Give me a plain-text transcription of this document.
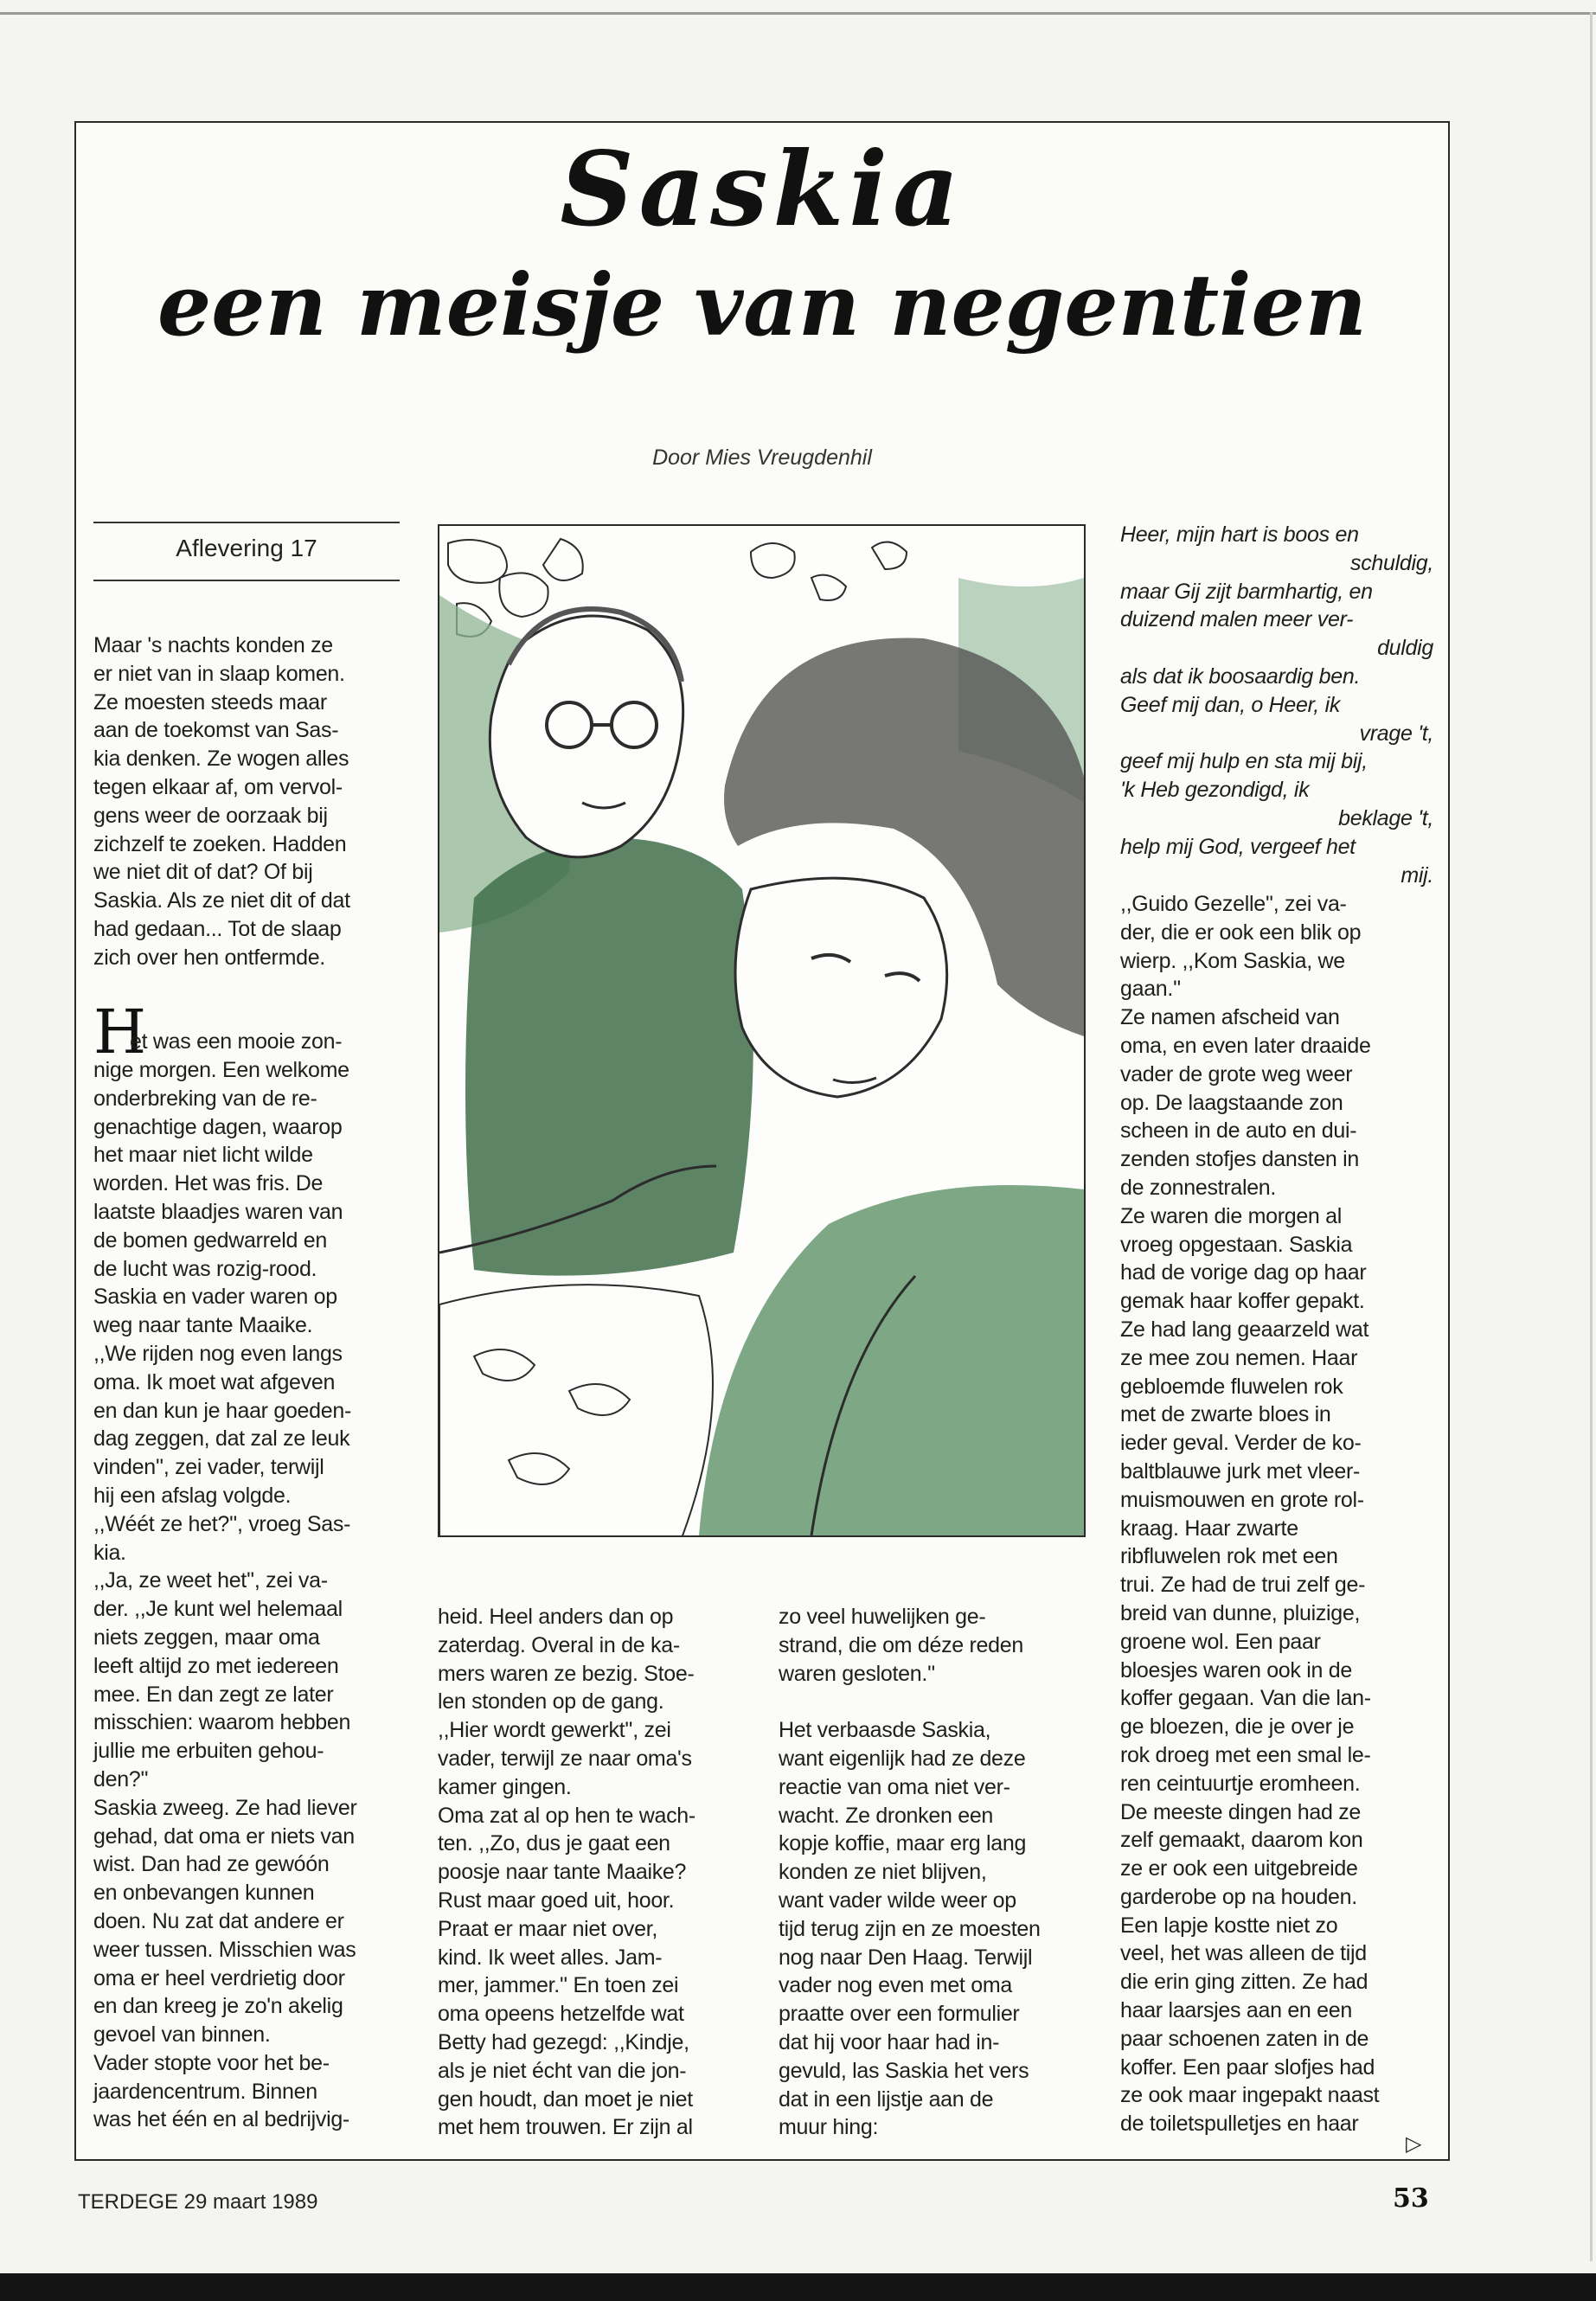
Saskia
een meisje van negentien
Door Mies Vreugdenhil
Aflevering 17
Maar 's nachts konden ze
er niet van in slaap komen.
Ze moesten steeds maar
aan de toekomst van Sas-
kia denken. Ze wogen alles
tegen elkaar af, om vervol-
gens weer de oorzaak bij
zichzelf te zoeken. Hadden
we niet dit of dat? Of bij
Saskia. Als ze niet dit of dat
had gedaan... Tot de slaap
zich over hen ontfermde.
H
et was een mooie zon-
nige morgen. Een welkome
onderbreking van de re-
genachtige dagen, waarop
het maar niet licht wilde
worden. Het was fris. De
laatste blaadjes waren van
de bomen gedwarreld en
de lucht was rozig-rood.
Saskia en vader waren op
weg naar tante Maaike.
,,We rijden nog even langs
oma. Ik moet wat afgeven
en dan kun je haar goeden-
dag zeggen, dat zal ze leuk
vinden'', zei vader, terwijl
hij een afslag volgde.
,,Wéét ze het?'', vroeg Sas-
kia.
,,Ja, ze weet het'', zei va-
der. ,,Je kunt wel helemaal
niets zeggen, maar oma
leeft altijd zo met iedereen
mee. En dan zegt ze later
misschien: waarom hebben
jullie me erbuiten gehou-
den?''
Saskia zweeg. Ze had liever
gehad, dat oma er niets van
wist. Dan had ze gewóón
en onbevangen kunnen
doen. Nu zat dat andere er
weer tussen. Misschien was
oma er heel verdrietig door
en dan kreeg je zo'n akelig
gevoel van binnen.
Vader stopte voor het be-
jaardencentrum. Binnen
was het één en al bedrijvig-
heid. Heel anders dan op
zaterdag. Overal in de ka-
mers waren ze bezig. Stoe-
len stonden op de gang.
,,Hier wordt gewerkt'', zei
vader, terwijl ze naar oma's
kamer gingen.
Oma zat al op hen te wach-
ten. ,,Zo, dus je gaat een
poosje naar tante Maaike?
Rust maar goed uit, hoor.
Praat er maar niet over,
kind. Ik weet alles. Jam-
mer, jammer.'' En toen zei
oma opeens hetzelfde wat
Betty had gezegd: ,,Kindje,
als je niet écht van die jon-
gen houdt, dan moet je niet
met hem trouwen. Er zijn al
zo veel huwelijken ge-
strand, die om déze reden
waren gesloten.''
Het verbaasde Saskia,
want eigenlijk had ze deze
reactie van oma niet ver-
wacht. Ze dronken een
kopje koffie, maar erg lang
konden ze niet blijven,
want vader wilde weer op
tijd terug zijn en ze moesten
nog naar Den Haag. Terwijl
vader nog even met oma
praatte over een formulier
dat hij voor haar had in-
gevuld, las Saskia het vers
dat in een lijstje aan de
muur hing:
Heer, mijn hart is boos en
schuldig,
maar Gij zijt barmhartig, en
duizend malen meer ver-
duldig
als dat ik boosaardig ben.
Geef mij dan, o Heer, ik
vrage 't,
geef mij hulp en sta mij bij,
'k Heb gezondigd, ik
beklage 't,
help mij God, vergeef het
mij.
,,Guido Gezelle'', zei va-
der, die er ook een blik op
wierp. ,,Kom Saskia, we
gaan.''
Ze namen afscheid van
oma, en even later draaide
vader de grote weg weer
op. De laagstaande zon
scheen in de auto en dui-
zenden stofjes dansten in
de zonnestralen.
Ze waren die morgen al
vroeg opgestaan. Saskia
had de vorige dag op haar
gemak haar koffer gepakt.
Ze had lang geaarzeld wat
ze mee zou nemen. Haar
gebloemde fluwelen rok
met de zwarte bloes in
ieder geval. Verder de ko-
baltblauwe jurk met vleer-
muismouwen en grote rol-
kraag. Haar zwarte
ribfluwelen rok met een
trui. Ze had de trui zelf ge-
breid van dunne, pluizige,
groene wol. Een paar
bloesjes waren ook in de
koffer gegaan. Van die lan-
ge bloezen, die je over je
rok droeg met een smal le-
ren ceintuurtje eromheen.
De meeste dingen had ze
zelf gemaakt, daarom kon
ze er ook een uitgebreide
garderobe op na houden.
Een lapje kostte niet zo
veel, het was alleen de tijd
die erin ging zitten. Ze had
haar laarsjes aan en een
paar schoenen zaten in de
koffer. Een paar slofjes had
ze ook maar ingepakt naast
de toiletspulletjes en haar
▷
TERDEGE 29 maart 1989	53
